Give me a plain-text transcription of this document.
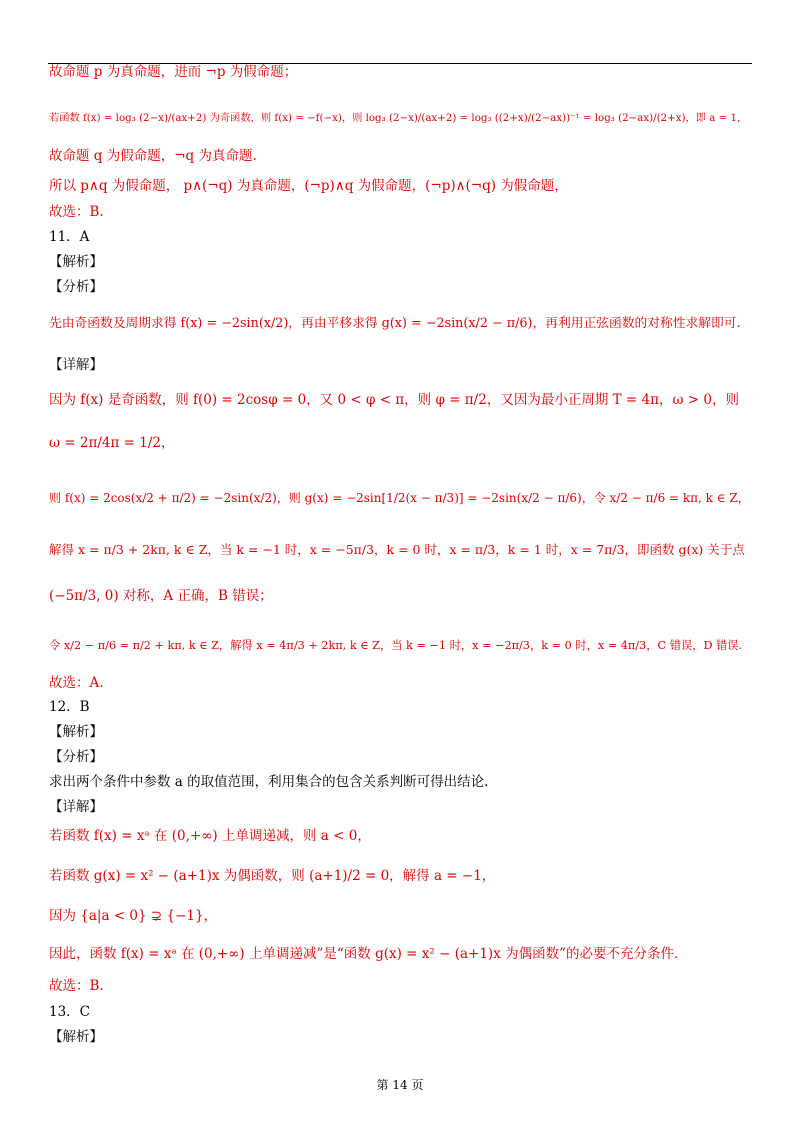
故命题 p 为真命题，进而 ¬p 为假命题；
若函数 f(x) = log₃ (2−x)/(ax+2) 为奇函数，则 f(x) = −f(−x)，则 log₃ (2−x)/(ax+2) = log₃ ((2+x)/(2−ax))⁻¹ = log₃ (2−ax)/(2+x)，即 a = 1，
故命题 q 为假命题，¬q 为真命题.
所以 p∧q 为假命题， p∧(¬q) 为真命题，(¬p)∧q 为假命题，(¬p)∧(¬q) 为假命题，
故选：B.
11．A
【解析】
【分析】
先由奇函数及周期求得 f(x) = −2sin(x/2)，再由平移求得 g(x) = −2sin(x/2 − π/6)，再利用正弦函数的对称性求解即可.
【详解】
因为 f(x) 是奇函数，则 f(0) = 2cosφ = 0，又 0 < φ < π，则 φ = π/2，又因为最小正周期 T = 4π，ω > 0，则
ω = 2π/4π = 1/2，
则 f(x) = 2cos(x/2 + π/2) = −2sin(x/2)，则 g(x) = −2sin[1/2(x − π/3)] = −2sin(x/2 − π/6)，令 x/2 − π/6 = kπ, k ∈ Z，
解得 x = π/3 + 2kπ, k ∈ Z，当 k = −1 时，x = −5π/3，k = 0 时，x = π/3，k = 1 时，x = 7π/3，即函数 g(x) 关于点
(−5π/3, 0) 对称，A 正确，B 错误；
令 x/2 − π/6 = π/2 + kπ, k ∈ Z，解得 x = 4π/3 + 2kπ, k ∈ Z，当 k = −1 时，x = −2π/3，k = 0 时，x = 4π/3，C 错误，D 错误.
故选：A.
12．B
【解析】
【分析】
求出两个条件中参数 a 的取值范围，利用集合的包含关系判断可得出结论.
【详解】
若函数 f(x) = xᵃ 在 (0,+∞) 上单调递减，则 a < 0，
若函数 g(x) = x² − (a+1)x 为偶函数，则 (a+1)/2 = 0，解得 a = −1，
因为 {a|a < 0} ⊋ {−1}，
因此，函数 f(x) = xᵃ 在 (0,+∞) 上单调递减”是“函数 g(x) = x² − (a+1)x 为偶函数”的必要不充分条件.
故选：B.
13．C
【解析】
第 14 页
